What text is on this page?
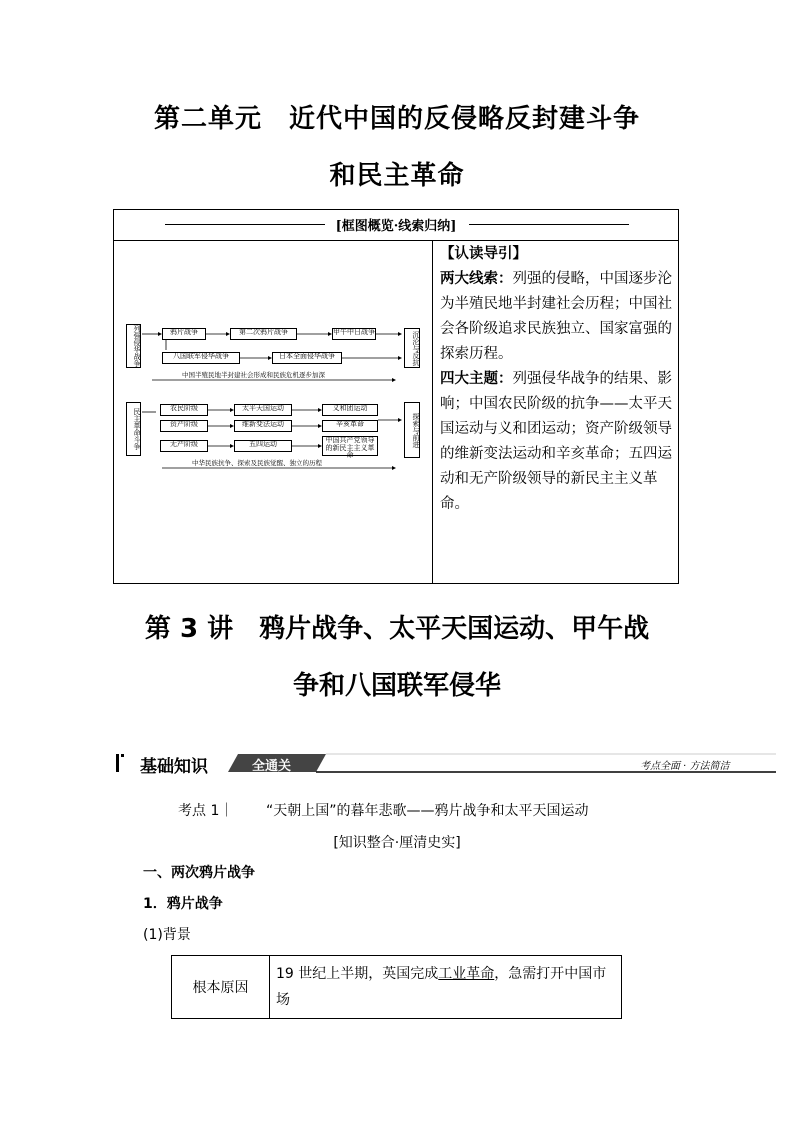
第二单元　近代中国的反侵略反封建斗争
和民主革命
[框图概览·线索归纳]
列强侵华战争
民主革命斗争
鸦片战争	第二次鸦片战争	甲午中日战争
八国联军侵华战争	日本全面侵华战争
中国半殖民地半封建社会形成和民族危机逐步加深
农民阶级
资产阶级
无产阶级
太平天国运动
维新变法运动
五四运动
义和团运动
辛亥革命
中国共产党领导的新民主主义革命
中华民族抗争、探索及民族觉醒、独立的历程
沉沦与反抗
探索与前进
【认读导引】
两大线索：列强的侵略，中国逐步沦为半殖民地半封建社会历程；中国社会各阶级追求民族独立、国家富强的探索历程。
四大主题：列强侵华战争的结果、影响；中国农民阶级的抗争——太平天国运动与义和团运动；资产阶级领导的维新变法运动和辛亥革命；五四运动和无产阶级领导的新民主主义革命。
第 3 讲　鸦片战争、太平天国运动、甲午战
争和八国联军侵华
基础知识	全通关	考点全面 · 方法简洁
考点 1｜ “天朝上国”的暮年悲歌——鸦片战争和太平天国运动
[知识整合·厘清史实]
一、两次鸦片战争
1．鸦片战争
(1)背景
根本原因	19 世纪上半期，英国完成工业革命，急需打开中国市场
